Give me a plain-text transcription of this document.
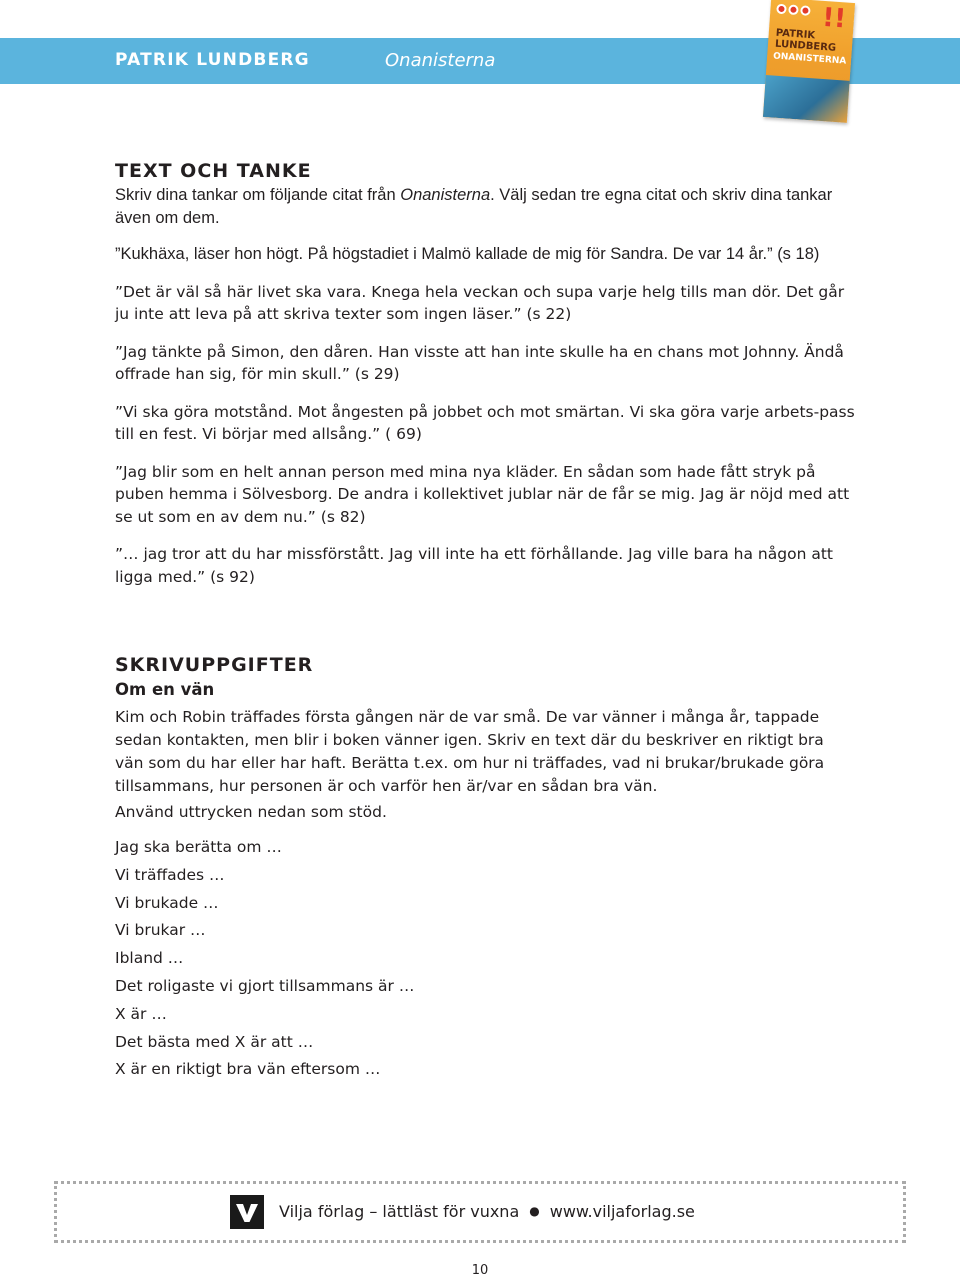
PATRIK LUNDBERG	Onanisterna
!!
PATRIK LUNDBERG
ONANISTERNA
TEXT OCH TANKE

Skriv dina tankar om följande citat från Onanisterna. Välj sedan tre egna citat och skriv dina tankar även om dem.

”Kukhäxa, läser hon högt. På högstadiet i Malmö kallade de mig för Sandra. De var 14 år.” (s 18)

”Det är väl så här livet ska vara. Knega hela veckan och supa varje helg tills man dör. Det går ju inte att leva på att skriva texter som ingen läser.” (s 22)

”Jag tänkte på Simon, den dåren. Han visste att han inte skulle ha en chans mot Johnny. Ändå offrade han sig, för min skull.” (s 29)

”Vi ska göra motstånd. Mot ångesten på jobbet och mot smärtan. Vi ska göra varje arbets-pass till en fest. Vi börjar med allsång.” ( 69)

”Jag blir som en helt annan person med mina nya kläder. En sådan som hade fått stryk på puben hemma i Sölvesborg. De andra i kollektivet jublar när de får se mig. Jag är nöjd med att se ut som en av dem nu.” (s 82)

”… jag tror att du har missförstått. Jag vill inte ha ett förhållande. Jag ville bara ha någon att ligga med.” (s 92)

SKRIVUPPGIFTER

Om en vän

Kim och Robin träffades första gången när de var små. De var vänner i många år, tappade sedan kontakten, men blir i boken vänner igen. Skriv en text där du beskriver en riktigt bra vän som du har eller har haft. Berätta t.ex. om hur ni träffades, vad ni brukar/brukade göra tillsammans, hur personen är och varför hen är/var en sådan bra vän.

Använd uttrycken nedan som stöd.

Jag ska berätta om …
Vi träffades …
Vi brukade …
Vi brukar …
Ibland …
Det roligaste vi gjort tillsammans är …
X är …
Det bästa med X är att …
X är en riktigt bra vän eftersom …
Vilja förlag – lättläst för vuxna ● www.viljaforlag.se
10
